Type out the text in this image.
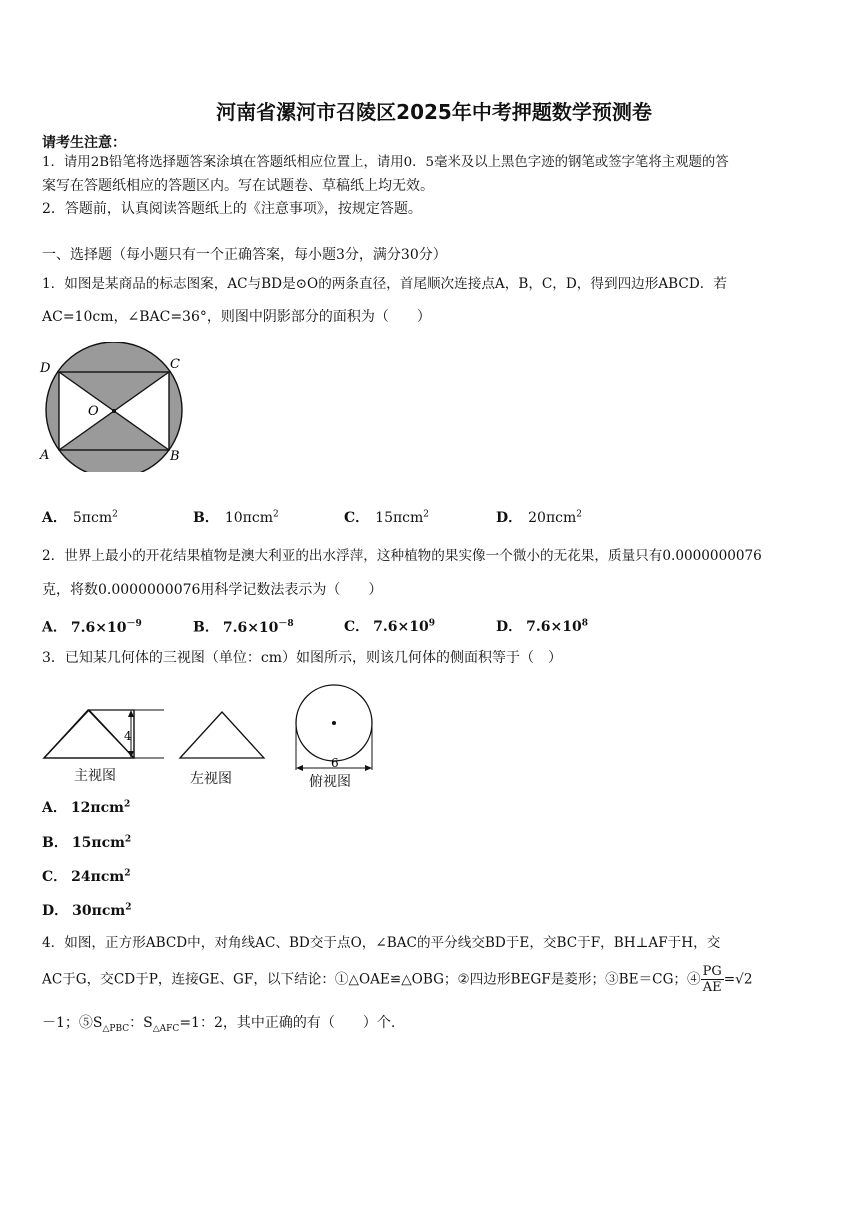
河南省漯河市召陵区2025年中考押题数学预测卷
请考生注意：
1．请用2B铅笔将选择题答案涂填在答题纸相应位置上，请用0．5毫米及以上黑色字迹的钢笔或签字笔将主观题的答
案写在答题纸相应的答题区内。写在试题卷、草稿纸上均无效。
2．答题前，认真阅读答题纸上的《注意事项》，按规定答题。
一、选择题（每小题只有一个正确答案，每小题3分，满分30分）
1．如图是某商品的标志图案，AC与BD是⊙O的两条直径，首尾顺次连接点A，B，C，D，得到四边形ABCD．若
AC=10cm，∠BAC=36°，则图中阴影部分的面积为（　　）
D	C
A	B
O
A． 5πcm$^2$	B． 10πcm$^2$	C． 15πcm$^2$	D． 20πcm$^2$
2．世界上最小的开花结果植物是澳大利亚的出水浮萍，这种植物的果实像一个微小的无花果，质量只有0.0000000076
克，将数0.0000000076用科学记数法表示为（　　）
A． $7.6\times 10^{-9}$	B． $7.6\times 10^{-8}$	C． $7.6\times 10^9$	D． $7.6\times 10^8$
3．已知某几何体的三视图（单位：cm）如图所示，则该几何体的侧面积等于（　）
4
6
主视图	左视图	俯视图
A． 12πcm$^2$
B． 15πcm$^2$
C． 24πcm$^2$
D． 30πcm$^2$
4．如图，正方形ABCD中，对角线AC、BD交于点O，∠BAC的平分线交BD于E，交BC于F，BH⊥AF于H，交
AC于G，交CD于P，连接GE、GF，以下结论：①△OAE≌△OBG；②四边形BEGF是菱形；③BE＝CG；④ $\frac{PG}{AE} =√2$
－1；$⑤S_{\triangle PBC}$：$S_{\triangle AFC}=1$：2，其中正确的有（　　）个.
